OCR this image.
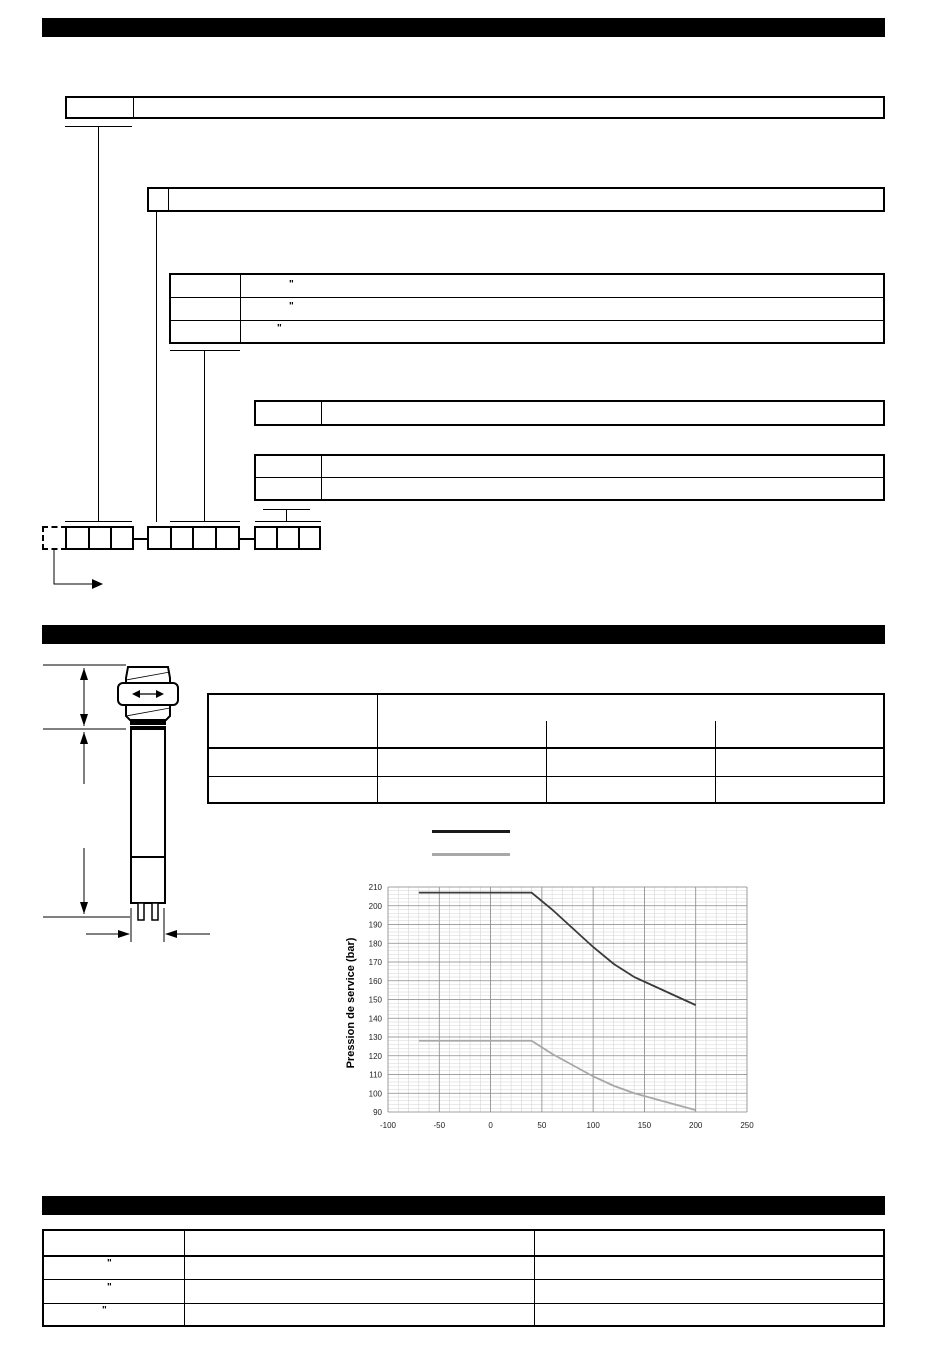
"
"
"
-100	-50	0	50	100	150	200	250
90
100
110
120
130
140
150
160
170
180
190
200
210
Pression de service (bar)
"
"
"
